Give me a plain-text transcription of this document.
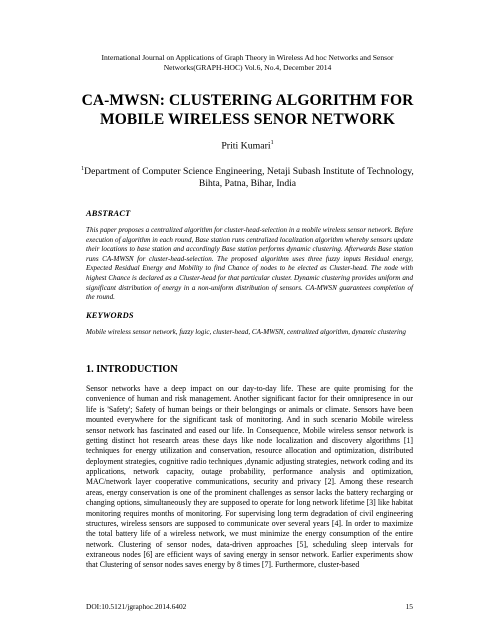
International Journal on Applications of Graph Theory in Wireless Ad hoc Networks and Sensor
Networks(GRAPH-HOC) Vol.6, No.4, December 2014
CA-MWSN: CLUSTERING ALGORITHM FOR
MOBILE WIRELESS SENOR NETWORK
Priti Kumari$^1$
$^1$Department of Computer Science Engineering, Netaji Subash Institute of Technology,
Bihta, Patna, Bihar, India
ABSTRACT
This paper proposes a centralized algorithm for cluster-head-selection in a mobile wireless sensor network. Before execution of algorithm in each round, Base station runs centralized localization algorithm whereby sensors update their locations to base station and accordingly Base station performs dynamic clustering. Afterwards Base station runs CA-MWSN for cluster-head-selection. The proposed algorithm uses three fuzzy inputs Residual energy, Expected Residual Energy and Mobility to find Chance of nodes to be elected as Cluster-head. The node with highest Chance is declared as a Cluster-head for that particular cluster. Dynamic clustering provides uniform and significant distribution of energy in a non-uniform distribution of sensors. CA-MWSN guarantees completion of the round.
KEYWORDS
Mobile wireless sensor network, fuzzy logic, cluster-head, CA-MWSN, centralized algorithm, dynamic clustering
1. INTRODUCTION
Sensor networks have a deep impact on our day-to-day life. These are quite promising for the convenience of human and risk management. Another significant factor for their omnipresence in our life is 'Safety'; Safety of human beings or their belongings or animals or climate. Sensors have been mounted everywhere for the significant task of monitoring. And in such scenario Mobile wireless sensor network has fascinated and eased our life. In Consequence, Mobile wireless sensor network is getting distinct hot research areas these days like node localization and discovery algorithms [1] techniques for energy utilization and conservation, resource allocation and optimization, distributed deployment strategies, cognitive radio techniques ,dynamic adjusting strategies, network coding and its applications, network capacity, outage probability, performance analysis and optimization, MAC/network layer cooperative communications, security and privacy [2]. Among these research areas, energy conservation is one of the prominent challenges as sensor lacks the battery recharging or changing options, simultaneously they are supposed to operate for long network lifetime [3] like habitat monitoring requires months of monitoring. For supervising long term degradation of civil engineering structures, wireless sensors are supposed to communicate over several years [4]. In order to maximize the total battery life of a wireless network, we must minimize the energy consumption of the entire network. Clustering of sensor nodes, data-driven approaches [5], scheduling sleep intervals for extraneous nodes [6] are efficient ways of saving energy in sensor network. Earlier experiments show that Clustering of sensor nodes saves energy by 8 times [7]. Furthermore, cluster-based
DOI:10.5121/jgraphoc.2014.6402	15
